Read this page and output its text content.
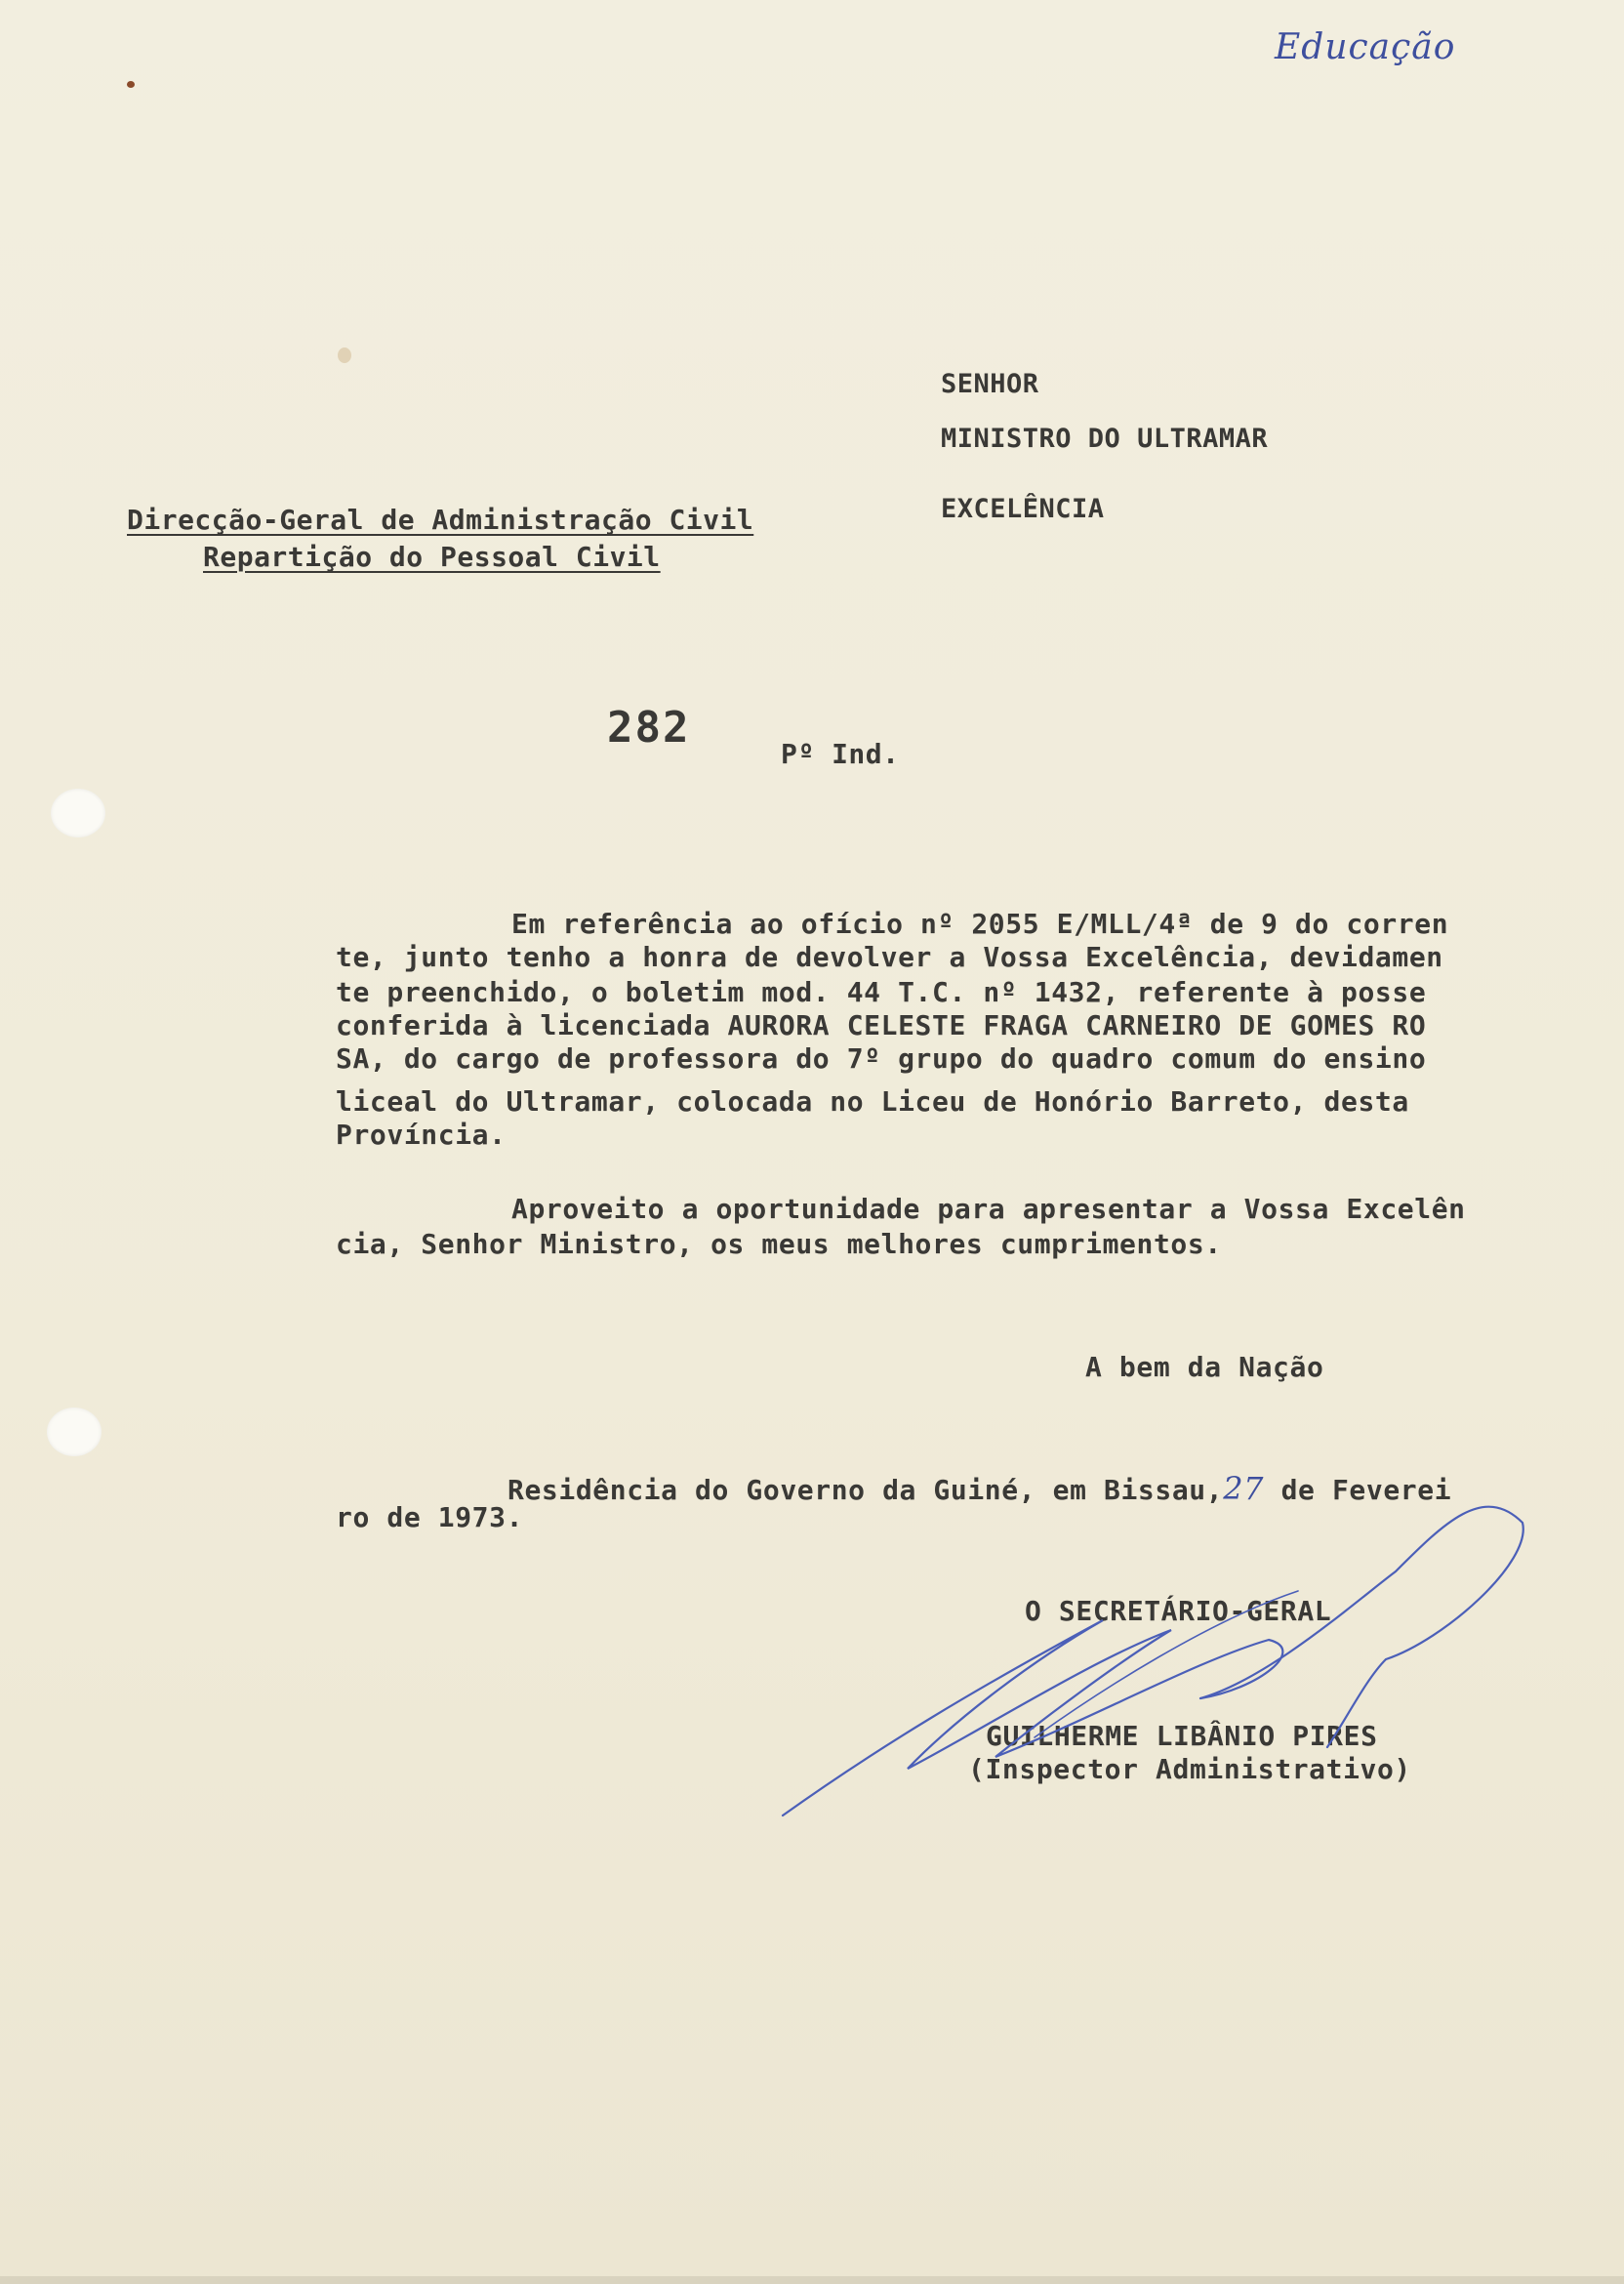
Educação
SENHOR
MINISTRO DO ULTRAMAR
EXCELÊNCIA
Direcção-Geral de Administração Civil
Repartição do Pessoal Civil
282
Pº Ind.
Em referência ao ofício nº 2055 E/MLL/4ª de 9 do corren
te, junto tenho a honra de devolver a Vossa Excelência, devidamen
te preenchido, o boletim mod. 44 T.C. nº 1432, referente à posse
conferida à licenciada AURORA CELESTE FRAGA CARNEIRO DE GOMES RO
SA, do cargo de professora do 7º grupo do quadro comum do ensino
liceal do Ultramar, colocada no Liceu de Honório Barreto, desta
Província.
Aproveito a oportunidade para apresentar a Vossa Excelên
cia, Senhor Ministro, os meus melhores cumprimentos.
A bem da Nação
Residência do Governo da Guiné, em Bissau,27 de Feverei
ro de 1973.
O SECRETÁRIO-GERAL
GUILHERME LIBÂNIO PIRES
(Inspector Administrativo)
